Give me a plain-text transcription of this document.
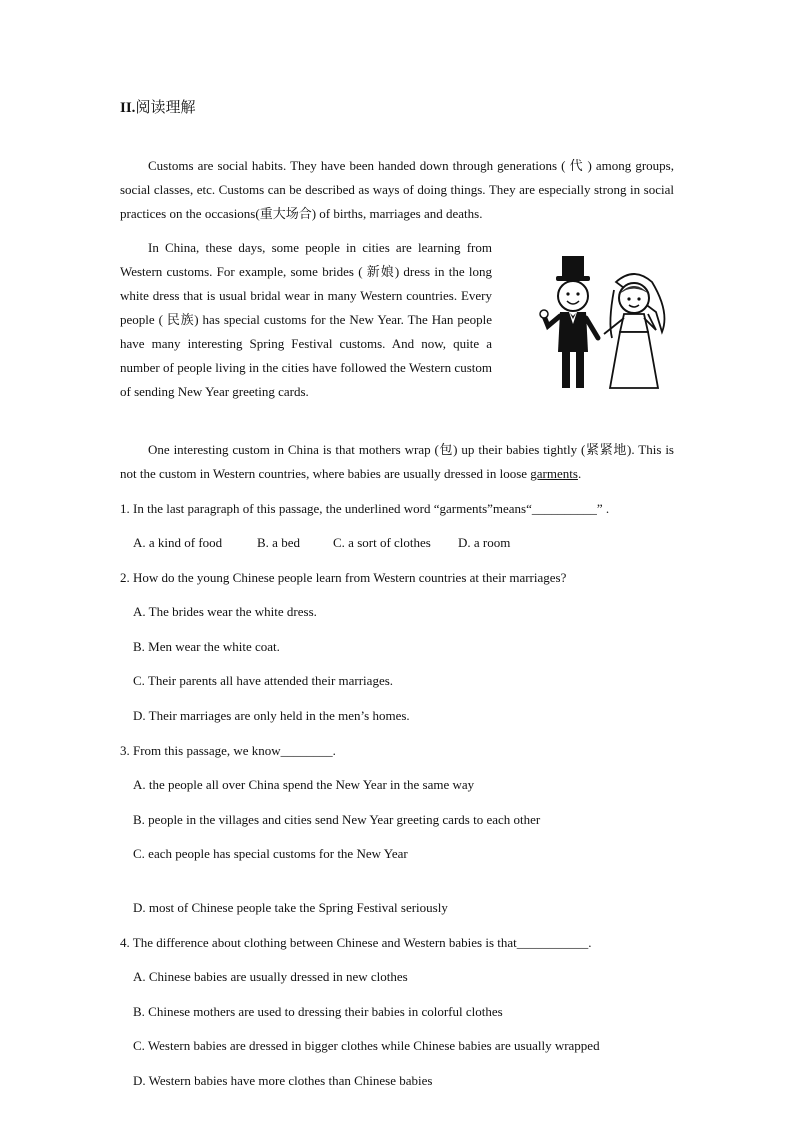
II.阅读理解

Customs are social habits. They have been handed down through generations ( 代 ) among groups, social classes, etc. Customs can be described as ways of doing things. They are especially strong in social practices on the occasions(重大场合) of births, marriages and deaths.

In China, these days, some people in cities are learning from Western customs. For example, some brides ( 新娘) dress in the long white dress that is usual bridal wear in many Western countries. Every people ( 民族) has special customs for the New Year. The Han people have many interesting Spring Festival customs. And now, quite a number of people living in the cities have followed the Western custom of sending New Year greeting cards.

One interesting custom in China is that mothers wrap (包) up their babies tightly (紧紧地). This is not the custom in Western countries, where babies are usually dressed in loose garments.

1. In the last paragraph of this passage, the underlined word “garments”means“__________” .
A. a kind of food	B. a bed	C. a sort of clothes D. a room
2. How do the young Chinese people learn from Western countries at their marriages?
A. The brides wear the white dress.
B. Men wear the white coat.
C. Their parents all have attended their marriages.
D. Their marriages are only held in the men’s homes.
3. From this passage, we know________.
A. the people all over China spend the New Year in the same way
B. people in the villages and cities send New Year greeting cards to each other
C. each people has special customs for the New Year
D. most of Chinese people take the Spring Festival seriously
4. The difference about clothing between Chinese and Western babies is that___________.
A. Chinese babies are usually dressed in new clothes
B. Chinese mothers are used to dressing their babies in colorful clothes
C. Western babies are dressed in bigger clothes while Chinese babies are usually wrapped
D. Western babies have more clothes than Chinese babies
